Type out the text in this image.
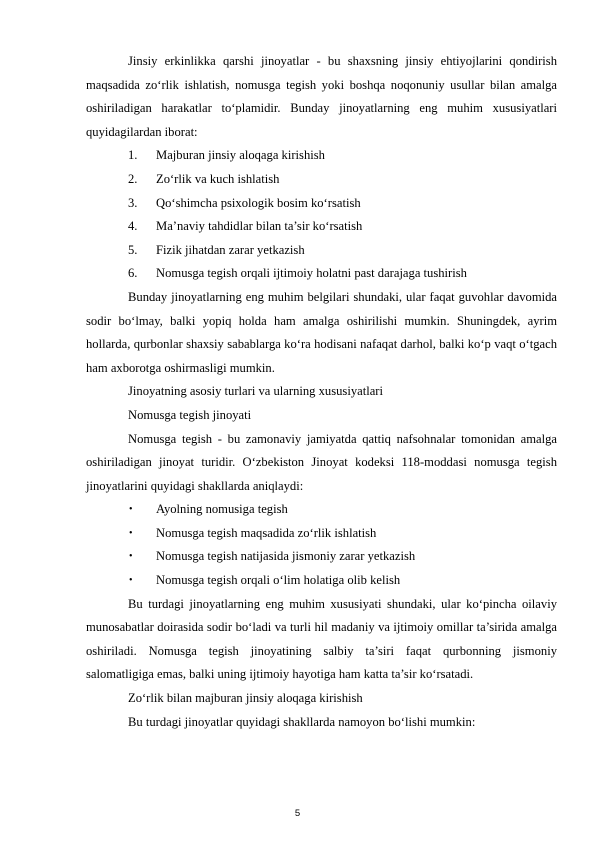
Jinsiy erkinlikka qarshi jinoyatlar - bu shaxsning jinsiy ehtiyojlarini qondirish maqsadida zo‘rlik ishlatish, nomusga tegish yoki boshqa noqonuniy usullar bilan amalga oshiriladigan harakatlar to‘plamidir. Bunday jinoyatlarning eng muhim xususiyatlari quyidagilardan iborat:

1. Majburan jinsiy aloqaga kirishish
2. Zo‘rlik va kuch ishlatish
3. Qo‘shimcha psixologik bosim ko‘rsatish
4. Ma’naviy tahdidlar bilan ta’sir ko‘rsatish
5. Fizik jihatdan zarar yetkazish
6. Nomusga tegish orqali ijtimoiy holatni past darajaga tushirish

Bunday jinoyatlarning eng muhim belgilari shundaki, ular faqat guvohlar davomida sodir bo‘lmay, balki yopiq holda ham amalga oshirilishi mumkin. Shuningdek, ayrim hollarda, qurbonlar shaxsiy sabablarga ko‘ra hodisani nafaqat darhol, balki ko‘p vaqt o‘tgach ham axborotga oshirmasligi mumkin.

Jinoyatning asosiy turlari va ularning xususiyatlari

Nomusga tegish jinoyati

Nomusga tegish - bu zamonaviy jamiyatda qattiq nafsohnalar tomonidan amalga oshiriladigan jinoyat turidir. O‘zbekiston Jinoyat kodeksi 118-moddasi nomusga tegish jinoyatlarini quyidagi shakllarda aniqlaydi:

• Ayolning nomusiga tegish
• Nomusga tegish maqsadida zo‘rlik ishlatish
• Nomusga tegish natijasida jismoniy zarar yetkazish
• Nomusga tegish orqali o‘lim holatiga olib kelish

Bu turdagi jinoyatlarning eng muhim xususiyati shundaki, ular ko‘pincha oilaviy munosabatlar doirasida sodir bo‘ladi va turli hil madaniy va ijtimoiy omillar ta’sirida amalga oshiriladi. Nomusga tegish jinoyatining salbiy ta’siri faqat qurbonning jismoniy salomatligiga emas, balki uning ijtimoiy hayotiga ham katta ta’sir ko‘rsatadi.

Zo‘rlik bilan majburan jinsiy aloqaga kirishish

Bu turdagi jinoyatlar quyidagi shakllarda namoyon bo‘lishi mumkin:

5
